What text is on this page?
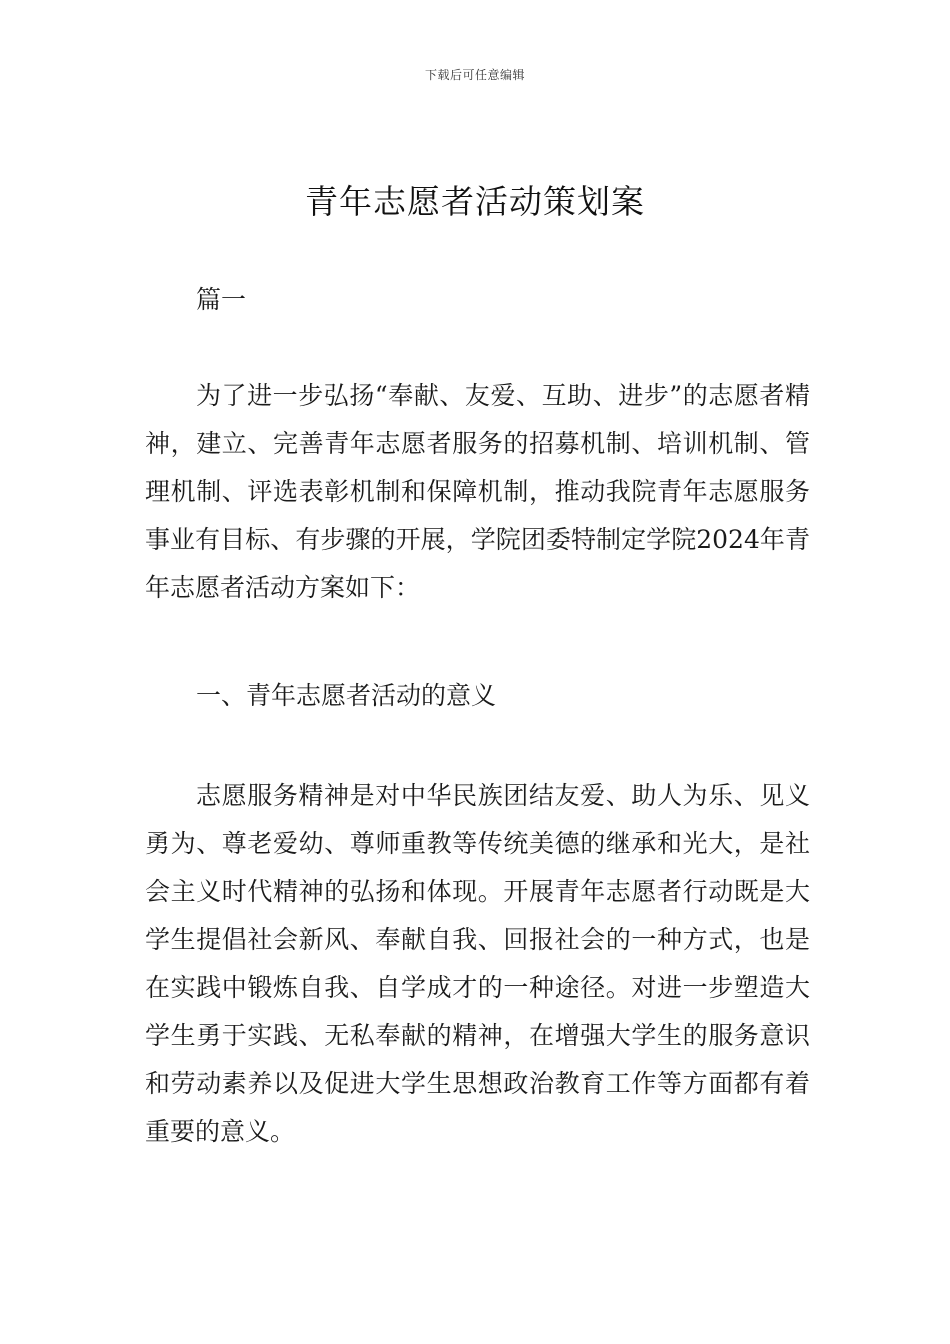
下载后可任意编辑
青年志愿者活动策划案
篇一
为了进一步弘扬“奉献、友爱、互助、进步”的志愿者精神，建立、完善青年志愿者服务的招募机制、培训机制、管理机制、评选表彰机制和保障机制，推动我院青年志愿服务事业有目标、有步骤的开展，学院团委特制定学院2024年青年志愿者活动方案如下：
一、青年志愿者活动的意义
志愿服务精神是对中华民族团结友爱、助人为乐、见义勇为、尊老爱幼、尊师重教等传统美德的继承和光大，是社会主义时代精神的弘扬和体现。开展青年志愿者行动既是大学生提倡社会新风、奉献自我、回报社会的一种方式，也是在实践中锻炼自我、自学成才的一种途径。对进一步塑造大学生勇于实践、无私奉献的精神，在增强大学生的服务意识和劳动素养以及促进大学生思想政治教育工作等方面都有着重要的意义。
